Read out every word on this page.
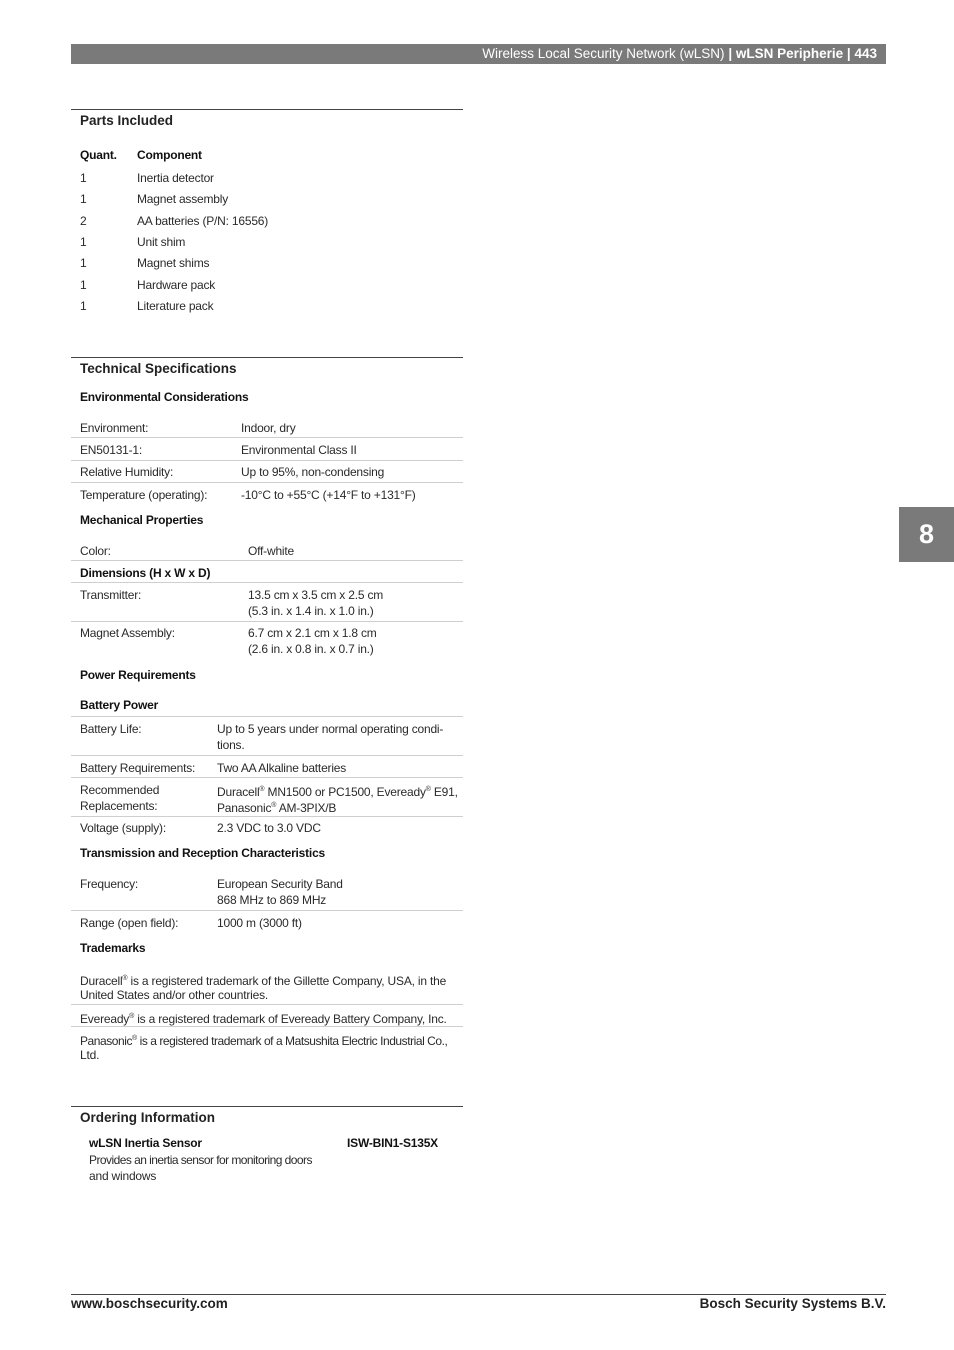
Wireless Local Security Network (wLSN) | wLSN Peripherie | 443
8
Parts Included
Quant. Component
1	Inertia detector
1	Magnet assembly
2	AA batteries (P/N: 16556)
1	Unit shim
1	Magnet shims
1	Hardware pack
1	Literature pack
Technical Specifications
Environmental Considerations
Environment:	Indoor, dry
EN50131-1:	Environmental Class II
Relative Humidity:	Up to 95%, non-condensing
Temperature (operating):	-10°C to +55°C (+14°F to +131°F)
Mechanical Properties
Color:	Off-white
Dimensions (H x W x D)
Transmitter:	13.5 cm x 3.5 cm x 2.5 cm
(5.3 in. x 1.4 in. x 1.0 in.)
Magnet Assembly:	6.7 cm x 2.1 cm x 1.8 cm
(2.6 in. x 0.8 in. x 0.7 in.)
Power Requirements
Battery Power
Battery Life:	Up to 5 years under normal operating condi-
tions.
Battery Requirements: Two AA Alkaline batteries
Recommended
Replacements:
Duracell® MN1500 or PC1500, Eveready® E91,
Panasonic® AM-3PIX/B
Voltage (supply):	2.3 VDC to 3.0 VDC
Transmission and Reception Characteristics
Frequency:	European Security Band
868 MHz to 869 MHz
Range (open field):	1000 m (3000 ft)
Trademarks
Duracell® is a registered trademark of the Gillette Company, USA, in the
United States and/or other countries.
Eveready® is a registered trademark of Eveready Battery Company, Inc.
Panasonic® is a registered trademark of a Matsushita Electric Industrial Co.,
Ltd.
Ordering Information
wLSN Inertia Sensor	ISW-BIN1-S135X
Provides an inertia sensor for monitoring doors
and windows
www.boschsecurity.com	Bosch Security Systems B.V.
